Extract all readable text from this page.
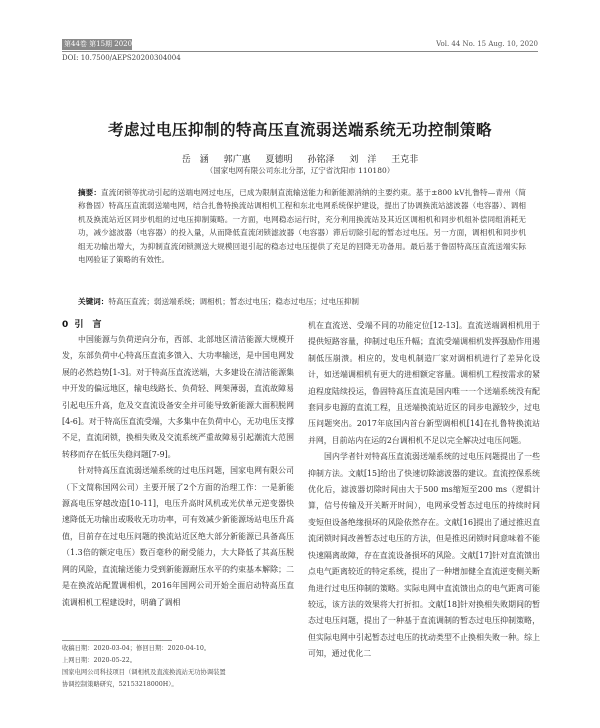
第44卷 第15期 2020年8月10日	Vol. 44 No. 15 Aug. 10, 2020
DOI: 10.7500/AEPS20200304004
考虑过电压抑制的特高压直流弱送端系统无功控制策略
岳　涵 郭广惠 夏德明 孙铭泽 刘　洋 王克非
（国家电网有限公司东北分部，辽宁省沈阳市 110180）
摘要：直流闭锁等扰动引起的送端电网过电压，已成为限制直流输送能力和新能源消纳的主要约束。基于±800 kV扎鲁特—青州（简称鲁固）特高压直流弱送端电网，结合扎鲁特换流站调相机工程和东北电网系统保护建设，提出了协调换流站滤波器（电容器）、调相机及换流站近区同步机组的过电压抑制策略。一方面，电网稳态运行时，充分利用换流站及其近区调相机和同步机组补偿同组消耗无功，减少滤波器（电容器）的投入量，从而降低直流闭锁滤波器（电容器）滞后切除引起的暂态过电压。另一方面，调相机和同步机组无功输出增大，为抑制直流闭锁测送大规模回退引起的稳态过电压提供了充足的回降无功备用。最后基于鲁固特高压直流送端实际电网验证了策略的有效性。
关键词：特高压直流；弱送端系统；调相机；暂态过电压；稳态过电压；过电压抑制

0 引　言

中国能源与负荷逆向分布，西部、北部地区清洁能源大规模开发，东部负荷中心特高压直流多馈入、大功率输送，是中国电网发展的必然趋势[1-3]。对于特高压直流送端，大多建设在清洁能源集中开发的偏远地区，输电线路长、负荷轻、网架薄弱，直流故障易引起电压升高，危及交直流设备安全并可能导致新能源大面积脱网[4-6]。对于特高压直流受端，大多集中在负荷中心，无功电压支撑不足，直流闭锁，换相失败及交流系统严重故障易引起潮流大范围转移而存在低压失稳问题[7-9]。

针对特高压直流弱送端系统的过电压问题，国家电网有限公司（下文简称国网公司）主要开展了2个方面的治理工作：一是新能源高电压穿越改造[10-11]，电压升高时风机或光伏单元逆变器快速降低无功输出或吸收无功功率，可有效减少新能源场站电压升高值，目前存在过电压问题的换流站近区绝大部分新能源已具备高压（1.3倍的额定电压）数百毫秒的耐受能力，大大降低了其高压脱网的风险，直流输送能力受到新能源耐压水平的约束基本解除；二是在换流站配置调相机，2016年国网公司开始全面启动特高压直流调相机工程建设时，明确了调相

机在直流送、受端不同的功能定位[12-13]。直流送端调相机用于提供短路容量，抑制过电压升幅；直流受端调相机发挥强励作用遏制低压崩溃。相应的，发电机制造厂家对调相机进行了差异化设计，如送端调相机有更大的进相额定容量。调相机工程按需求的紧迫程度陆续投运，鲁固特高压直流是国内唯一一个送端系统没有配套同步电源的直流工程，且送端换流站近区的同步电源较少，过电压问题突出。2017年底国内首台新型调相机[14]在扎鲁特换流站并网，目前站内在运的2台调相机不足以完全解决过电压问题。

国内学者针对特高压直流弱送端系统的过电压问题提出了一些抑制方法。文献[15]给出了快速切除滤波器的建议。直流控保系统优化后，滤波器切除时间由大于500 ms缩短至200 ms（逻辑计算，信号传输及开关断开时间），电网承受暂态过电压的持续时间变短但设备绝缘损坏的风险依然存在。文献[16]提出了通过推迟直流闭锁时间改善暂态过电压的方法，但是推迟闭锁时间意味着不能快速隔离故障，存在直流设备损坏的风险。文献[17]针对直流馈出点电气距离较近的特定系统，提出了一种增加健全直流逆变侧关断角进行过电压抑制的策略。实际电网中直流馈出点的电气距离可能较远，该方法的效果将大打折扣。文献[18]针对换相失败期间的暂态过电压问题，提出了一种基于直流调制的暂态过电压抑制策略，但实际电网中引起暂态过电压的扰动类型不止换相失败一种。综上可知，通过优化二

收稿日期：2020-03-04；修回日期：2020-04-10。
上网日期：2020-05-22。
国家电网公司科技项目（调相机及直流换流站无功协调装置
协调控制策略研究，52153218000H）。
